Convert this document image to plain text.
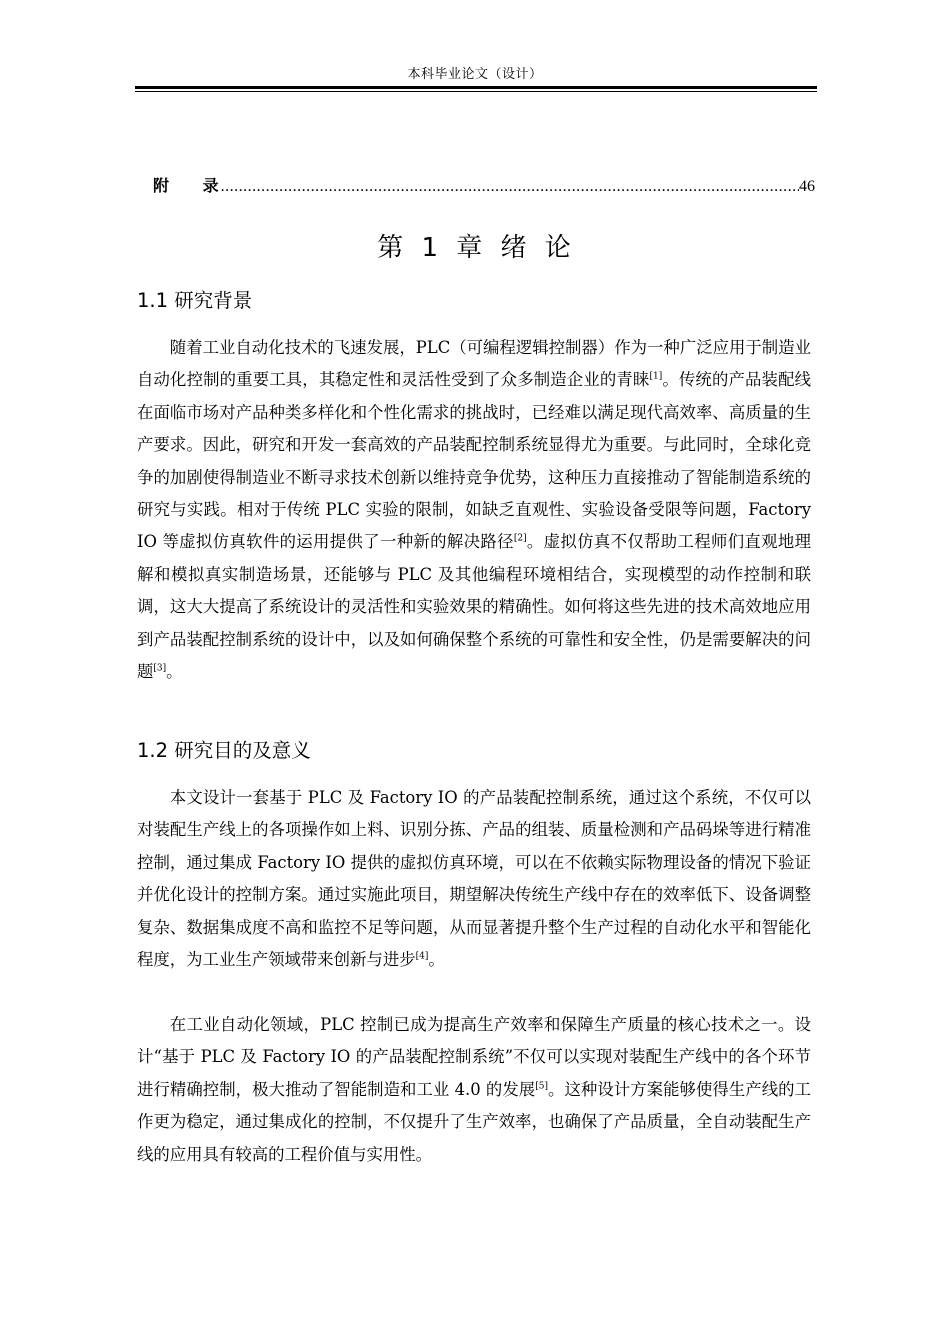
本科毕业论文（设计）
附 录
.....	46
第 1 章 绪 论
1.1 研究背景

随着工业自动化技术的飞速发展，PLC（可编程逻辑控制器）作为一种广泛应用于制造业自动化控制的重要工具，其稳定性和灵活性受到了众多制造企业的青睐[1]。传统的产品装配线在面临市场对产品种类多样化和个性化需求的挑战时，已经难以满足现代高效率、高质量的生产要求。因此，研究和开发一套高效的产品装配控制系统显得尤为重要。与此同时，全球化竞争的加剧使得制造业不断寻求技术创新以维持竞争优势，这种压力直接推动了智能制造系统的研究与实践。相对于传统 PLC 实验的限制，如缺乏直观性、实验设备受限等问题，Factory IO 等虚拟仿真软件的运用提供了一种新的解决路径[2]。虚拟仿真不仅帮助工程师们直观地理解和模拟真实制造场景，还能够与 PLC 及其他编程环境相结合，实现模型的动作控制和联调，这大大提高了系统设计的灵活性和实验效果的精确性。如何将这些先进的技术高效地应用到产品装配控制系统的设计中，以及如何确保整个系统的可靠性和安全性，仍是需要解决的问题[3]。

1.2 研究目的及意义

本文设计一套基于 PLC 及 Factory IO 的产品装配控制系统，通过这个系统，不仅可以对装配生产线上的各项操作如上料、识别分拣、产品的组装、质量检测和产品码垛等进行精准控制，通过集成 Factory IO 提供的虚拟仿真环境，可以在不依赖实际物理设备的情况下验证并优化设计的控制方案。通过实施此项目，期望解决传统生产线中存在的效率低下、设备调整复杂、数据集成度不高和监控不足等问题，从而显著提升整个生产过程的自动化水平和智能化程度，为工业生产领域带来创新与进步[4]。

在工业自动化领域，PLC 控制已成为提高生产效率和保障生产质量的核心技术之一。设计“基于 PLC 及 Factory IO 的产品装配控制系统”不仅可以实现对装配生产线中的各个环节进行精确控制，极大推动了智能制造和工业 4.0 的发展[5]。这种设计方案能够使得生产线的工作更为稳定，通过集成化的控制，不仅提升了生产效率，也确保了产品质量，全自动装配生产线的应用具有较高的工程价值与实用性。
